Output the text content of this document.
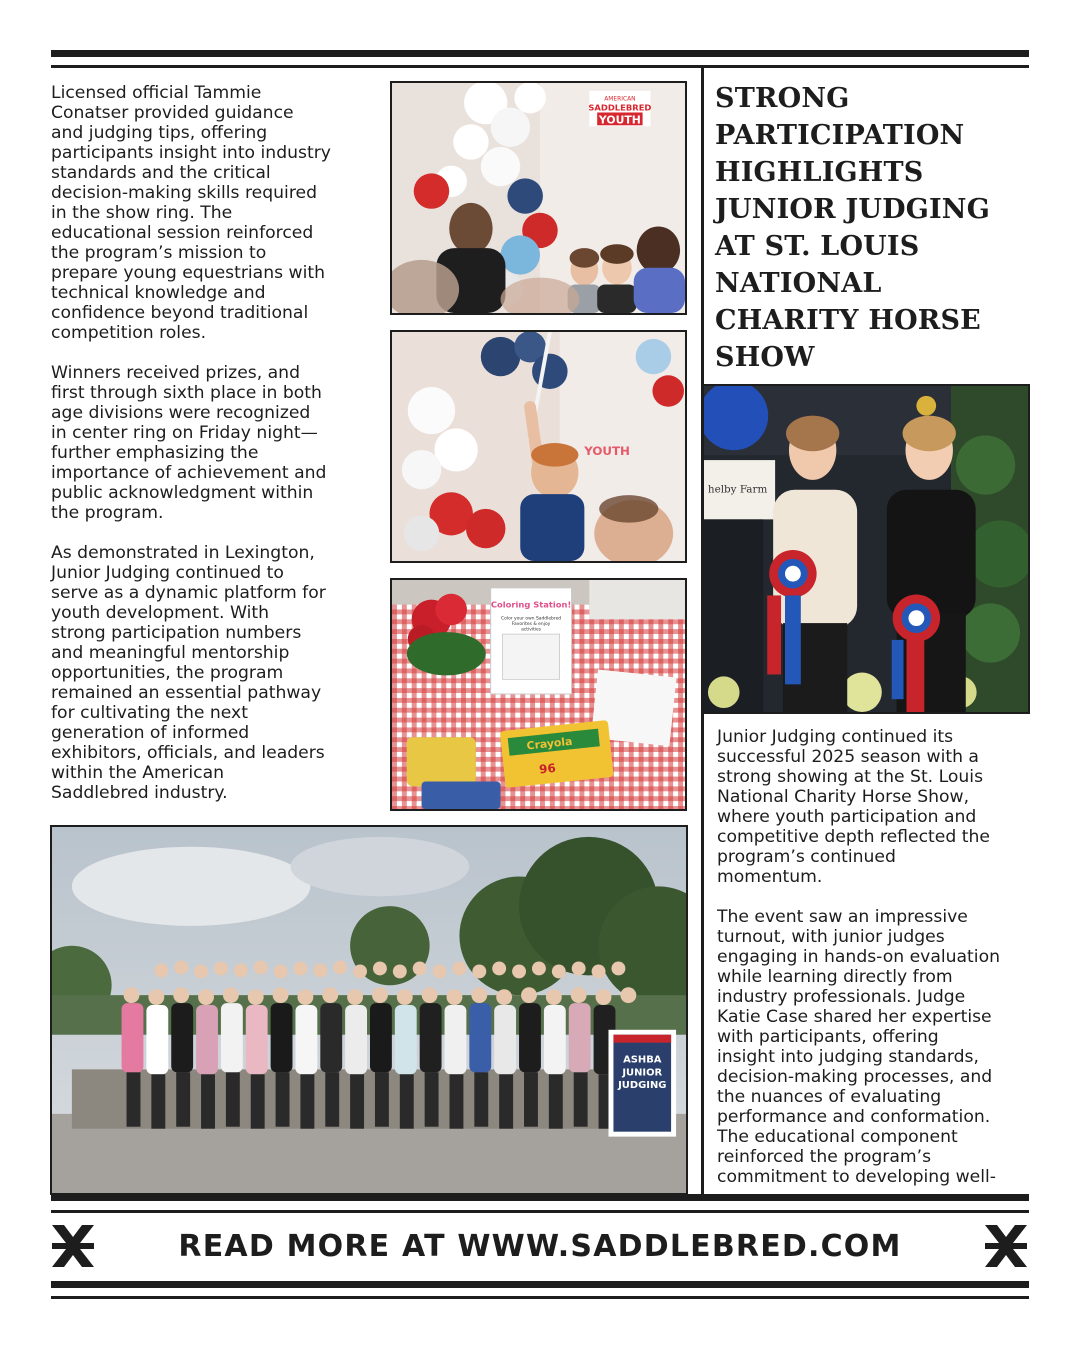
Licensed official Tammie
Conatser provided guidance
and judging tips, offering
participants insight into industry
standards and the critical
decision-making skills required
in the show ring. The
educational session reinforced
the program’s mission to
prepare young equestrians with
technical knowledge and
confidence beyond traditional
competition roles.

Winners received prizes, and
first through sixth place in both
age divisions were recognized
in center ring on Friday night—
further emphasizing the
importance of achievement and
public acknowledgment within
the program.

As demonstrated in Lexington,
Junior Judging continued to
serve as a dynamic platform for
youth development. With
strong participation numbers
and meaningful mentorship
opportunities, the program
remained an essential pathway
for cultivating the next
generation of informed
exhibitors, officials, and leaders
within the American
Saddlebred industry.

STRONG
PARTICIPATION
HIGHLIGHTS
JUNIOR JUDGING
AT ST. LOUIS
NATIONAL
CHARITY HORSE
SHOW

Junior Judging continued its
successful 2025 season with a
strong showing at the St. Louis
National Charity Horse Show,
where youth participation and
competitive depth reflected the
program’s continued
momentum.

The event saw an impressive
turnout, with junior judges
engaging in hands-on evaluation
while learning directly from
industry professionals. Judge
Katie Case shared her expertise
with participants, offering
insight into judging standards,
decision-making processes, and
the nuances of evaluating
performance and conformation.
The educational component
reinforced the program’s
commitment to developing well-

AMERICAN
SADDLEBRED
YOUTH
YOUTH
Coloring Station!
Color your own Saddlebred Favorites & enjoy activities
Crayola
96
helby Farm
ASHBA
JUNIOR
JUDGING
READ MORE AT WWW.SADDLEBRED.COM
